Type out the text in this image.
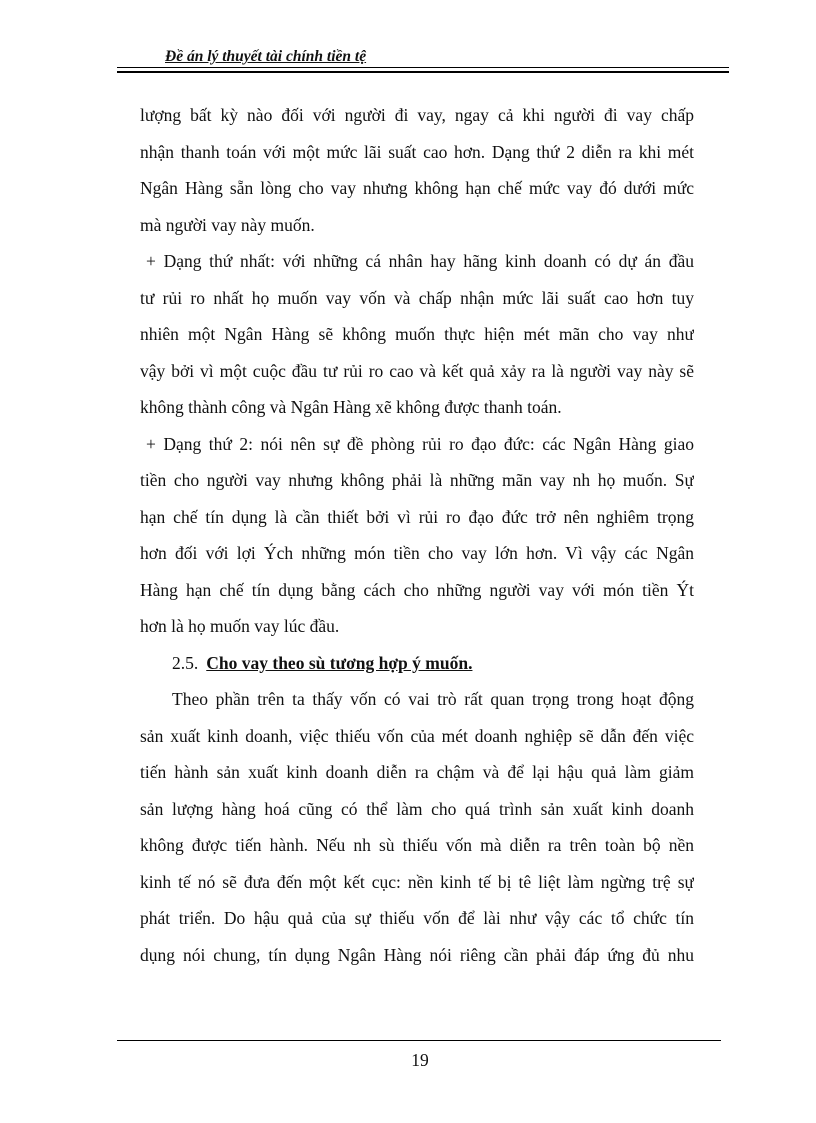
Đề án lý thuyết tài chính tiền tệ
lượng bất kỳ nào đối với người đi vay, ngay cả khi người đi vay chấp
nhận thanh toán với một mức lãi suất cao hơn. Dạng thứ 2 diễn ra khi mét
Ngân Hàng sẵn lòng cho vay nhưng không hạn chế mức vay đó dưới mức
mà người vay này muốn.
+ Dạng thứ nhất: với những cá nhân hay hãng kinh doanh có dự án đầu
tư rủi ro nhất họ muốn vay vốn và chấp nhận mức lãi suất cao hơn tuy
nhiên một Ngân Hàng sẽ không muốn thực hiện mét mãn cho vay như
vậy bởi vì một cuộc đầu tư rủi ro cao và kết quả xảy ra là người vay này sẽ
không thành công và Ngân Hàng xẽ không được thanh toán.
+ Dạng thứ 2: nói nên sự đề phòng rủi ro đạo đức: các Ngân Hàng giao
tiền cho người vay nhưng không phải là những mãn vay nh họ muốn. Sự
hạn chế tín dụng là cần thiết bởi vì rủi ro đạo đức trở nên nghiêm trọng
hơn đối với lợi Ých những món tiền cho vay lớn hơn. Vì vậy các Ngân
Hàng hạn chế tín dụng bằng cách cho những người vay với món tiền Ýt
hơn là họ muốn vay lúc đầu.
2.5. Cho vay theo sù tương hợp ý muốn.
Theo phần trên ta thấy vốn có vai trò rất quan trọng trong hoạt động
sản xuất kinh doanh, việc thiếu vốn của mét doanh nghiệp sẽ dẫn đến việc
tiến hành sản xuất kinh doanh diễn ra chậm và để lại hậu quả làm giảm
sản lượng hàng hoá cũng có thể làm cho quá trình sản xuất kinh doanh
không được tiến hành. Nếu nh sù thiếu vốn mà diễn ra trên toàn bộ nền
kinh tế nó sẽ đưa đến một kết cục: nền kinh tế bị tê liệt làm ngừng trệ sự
phát triển. Do hậu quả của sự thiếu vốn để lài như vậy các tổ chức tín
dụng nói chung, tín dụng Ngân Hàng nói riêng cần phải đáp ứng đủ nhu
19
